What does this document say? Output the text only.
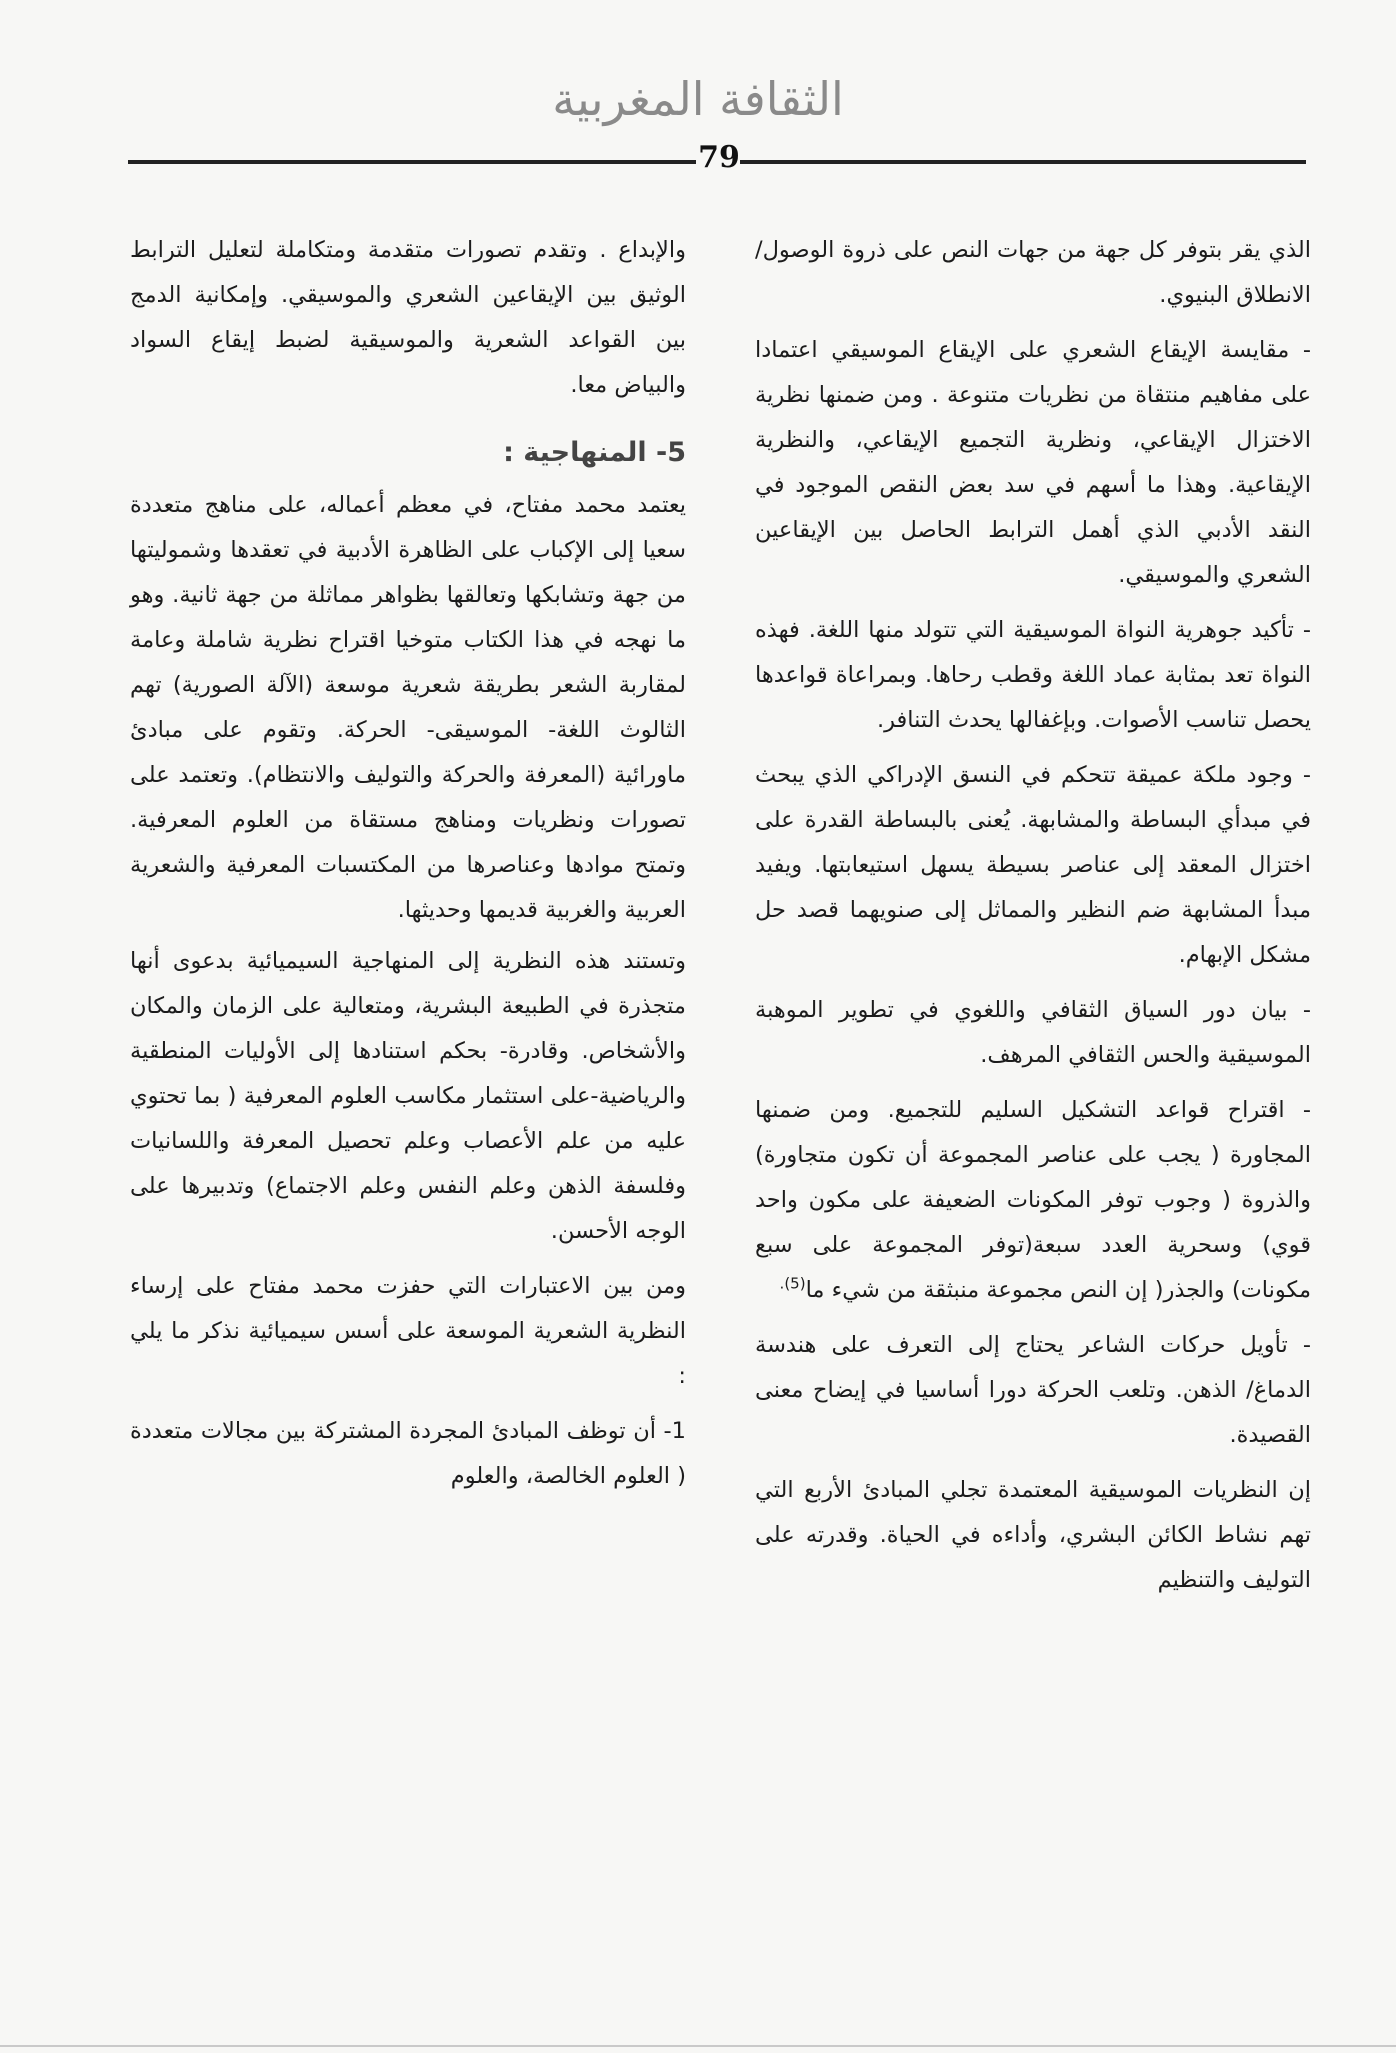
الثقافة المغربية
79

الذي يقر بتوفر كل جهة من جهات النص على ذروة الوصول/ الانطلاق البنيوي.

- مقايسة الإيقاع الشعري على الإيقاع الموسيقي اعتمادا على مفاهيم منتقاة من نظريات متنوعة . ومن ضمنها نظرية الاختزال الإيقاعي، ونظرية التجميع الإيقاعي، والنظرية الإيقاعية. وهذا ما أسهم في سد بعض النقص الموجود في النقد الأدبي الذي أهمل الترابط الحاصل بين الإيقاعين الشعري والموسيقي.

- تأكيد جوهرية النواة الموسيقية التي تتولد منها اللغة. فهذه النواة تعد بمثابة عماد اللغة وقطب رحاها. وبمراعاة قواعدها يحصل تناسب الأصوات. وبإغفالها يحدث التنافر.

- وجود ملكة عميقة تتحكم في النسق الإدراكي الذي يبحث في مبدأي البساطة والمشابهة. يُعنى بالبساطة القدرة على اختزال المعقد إلى عناصر بسيطة يسهل استيعابتها. ويفيد مبدأ المشابهة ضم النظير والمماثل إلى صنويهما قصد حل مشكل الإبهام.

- بيان دور السياق الثقافي واللغوي في تطوير الموهبة الموسيقية والحس الثقافي المرهف.

- اقتراح قواعد التشكيل السليم للتجميع. ومن ضمنها المجاورة ( يجب على عناصر المجموعة أن تكون متجاورة) والذروة ( وجوب توفر المكونات الضعيفة على مكون واحد قوي) وسحرية العدد سبعة(توفر المجموعة على سبع مكونات) والجذر( إن النص مجموعة منبثقة من شيء ما$^{(5).}$

- تأويل حركات الشاعر يحتاج إلى التعرف على هندسة الدماغ/ الذهن. وتلعب الحركة دورا أساسيا في إيضاح معنى القصيدة.

إن النظريات الموسيقية المعتمدة تجلي المبادئ الأربع التي تهم نشاط الكائن البشري، وأداءه في الحياة. وقدرته على التوليف والتنظيم

والإبداع . وتقدم تصورات متقدمة ومتكاملة لتعليل الترابط الوثيق بين الإيقاعين الشعري والموسيقي. وإمكانية الدمج بين القواعد الشعرية والموسيقية لضبط إيقاع السواد والبياض معا.

5- المنهاجية :

يعتمد محمد مفتاح، في معظم أعماله، على مناهج متعددة سعيا إلى الإكباب على الظاهرة الأدبية في تعقدها وشموليتها من جهة وتشابكها وتعالقها بظواهر مماثلة من جهة ثانية. وهو ما نهجه في هذا الكتاب متوخيا اقتراح نظرية شاملة وعامة لمقاربة الشعر بطريقة شعرية موسعة (الآلة الصورية) تهم الثالوث اللغة- الموسيقى- الحركة. وتقوم على مبادئ ماورائية (المعرفة والحركة والتوليف والانتظام). وتعتمد على تصورات ونظريات ومناهج مستقاة من العلوم المعرفية. وتمتح موادها وعناصرها من المكتسبات المعرفية والشعرية العربية والغربية قديمها وحديثها.

وتستند هذه النظرية إلى المنهاجية السيميائية بدعوى أنها متجذرة في الطبيعة البشرية، ومتعالية على الزمان والمكان والأشخاص. وقادرة- بحكم استنادها إلى الأوليات المنطقية والرياضية-على استثمار مكاسب العلوم المعرفية ( بما تحتوي عليه من علم الأعصاب وعلم تحصيل المعرفة واللسانيات وفلسفة الذهن وعلم النفس وعلم الاجتماع) وتدبيرها على الوجه الأحسن.

ومن بين الاعتبارات التي حفزت محمد مفتاح على إرساء النظرية الشعرية الموسعة على أسس سيميائية نذكر ما يلي :

1- أن توظف المبادئ المجردة المشتركة بين مجالات متعددة ( العلوم الخالصة، والعلوم
